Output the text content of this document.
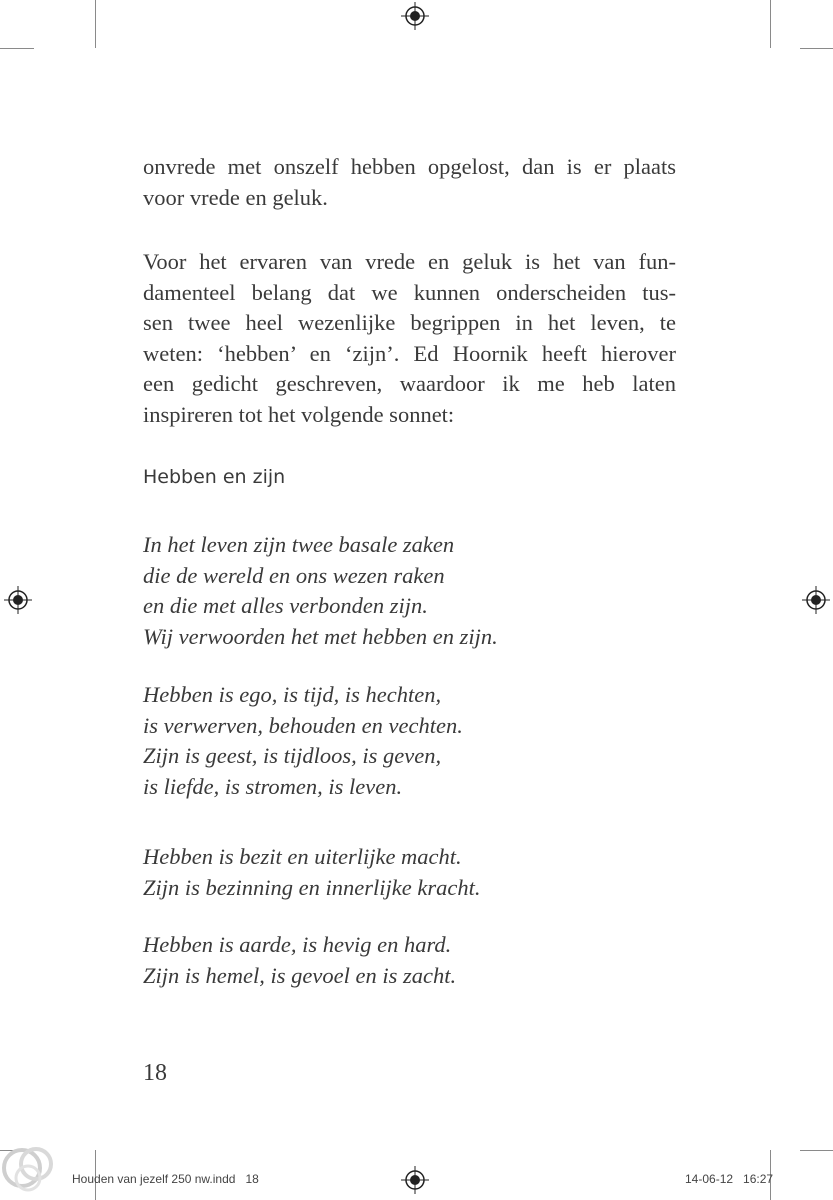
onvrede met onszelf hebben opgelost, dan is er plaats
voor vrede en geluk.
Voor het ervaren van vrede en geluk is het van fun-
damenteel belang dat we kunnen onderscheiden tus-
sen twee heel wezenlijke begrippen in het leven, te
weten: ‘hebben’ en ‘zijn’. Ed Hoornik heeft hierover
een gedicht geschreven, waardoor ik me heb laten
inspireren tot het volgende sonnet:
Hebben en zijn
In het leven zijn twee basale zaken
die de wereld en ons wezen raken
en die met alles verbonden zijn.
Wij verwoorden het met hebben en zijn.
Hebben is ego, is tijd, is hechten,
is verwerven, behouden en vechten.
Zijn is geest, is tijdloos, is geven,
is liefde, is stromen, is leven.
Hebben is bezit en uiterlijke macht.
Zijn is bezinning en innerlijke kracht.
Hebben is aarde, is hevig en hard.
Zijn is hemel, is gevoel en is zacht.
18
Houden van jezelf 250 nw.indd   18	14-06-12   16:27
